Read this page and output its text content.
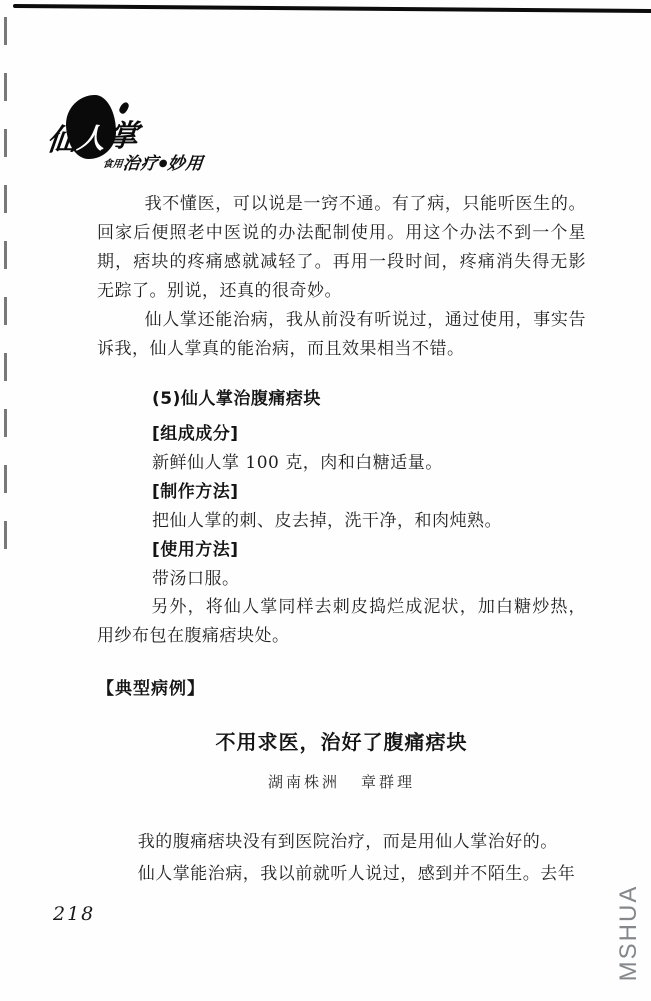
仙
人 掌
食用治疗●妙用

我不懂医，可以说是一窍不通。有了病，只能听医生的。回家后便照老中医说的办法配制使用。用这个办法不到一个星期，痞块的疼痛感就减轻了。再用一段时间，疼痛消失得无影无踪了。别说，还真的很奇妙。

仙人掌还能治病，我从前没有听说过，通过使用，事实告诉我，仙人掌真的能治病，而且效果相当不错。

(5)仙人掌治腹痛痞块

[组成成分]

新鲜仙人掌 100 克，肉和白糖适量。

[制作方法]

把仙人掌的刺、皮去掉，洗干净，和肉炖熟。

[使用方法]

带汤口服。

另外，将仙人掌同样去刺皮捣烂成泥状，加白糖炒热，用纱布包在腹痛痞块处。

【典型病例】

不用求医，治好了腹痛痞块

湖南株洲 章群理

我的腹痛痞块没有到医院治疗，而是用仙人掌治好的。

仙人掌能治病，我以前就听人说过，感到并不陌生。去年

218	MSHUA
